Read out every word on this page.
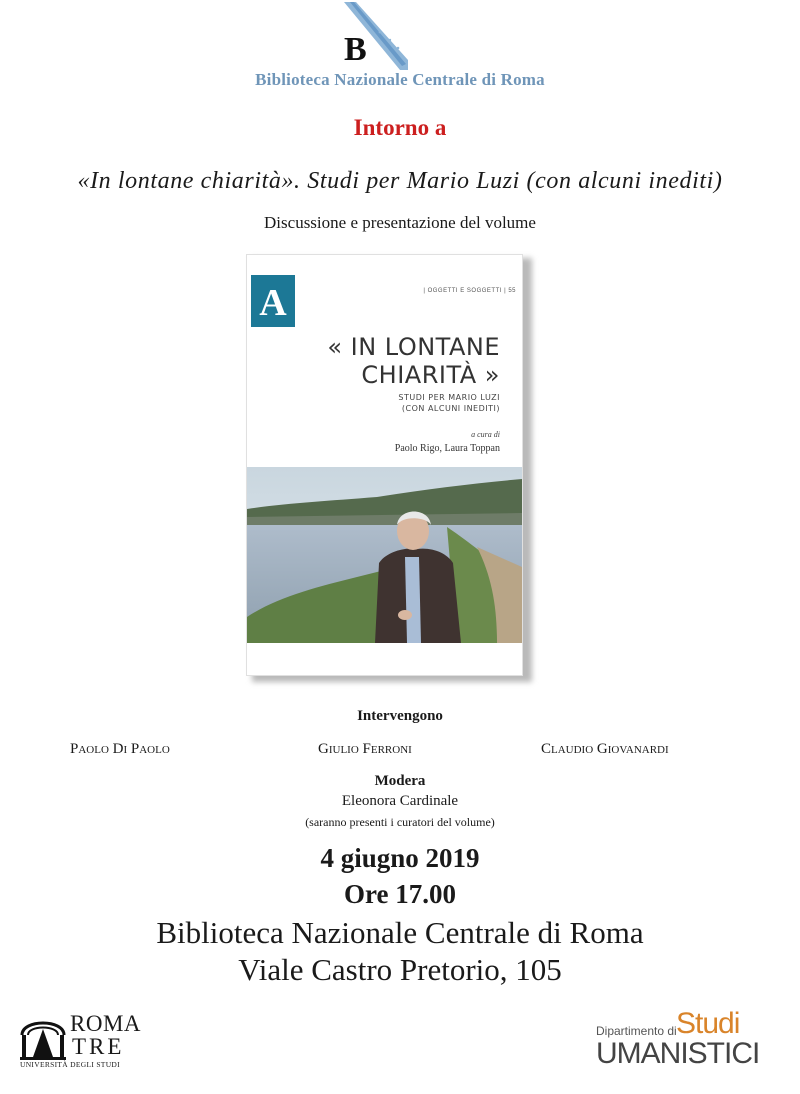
B
Biblioteca Nazionale Centrale di Roma
Intorno a
«In lontane chiarità». Studi per Mario Luzi (con alcuni inediti)
Discussione e presentazione del volume
A	| OGGETTI E SOGGETTI | 55
« IN LONTANE
CHIARITÀ »
STUDI PER MARIO LUZI
(CON ALCUNI INEDITI)
a cura di
Paolo Rigo, Laura Toppan
Intervengono
Paolo Di Paolo	Giulio Ferroni	Claudio Giovanardi
Modera
Eleonora Cardinale
(saranno presenti i curatori del volume)
4 giugno 2019
Ore 17.00
Biblioteca Nazionale Centrale di Roma
Viale Castro Pretorio, 105
ROMA
TRE
UNIVERSITÀ DEGLI STUDI
Dipartimento di Studi
UMANISTICI
